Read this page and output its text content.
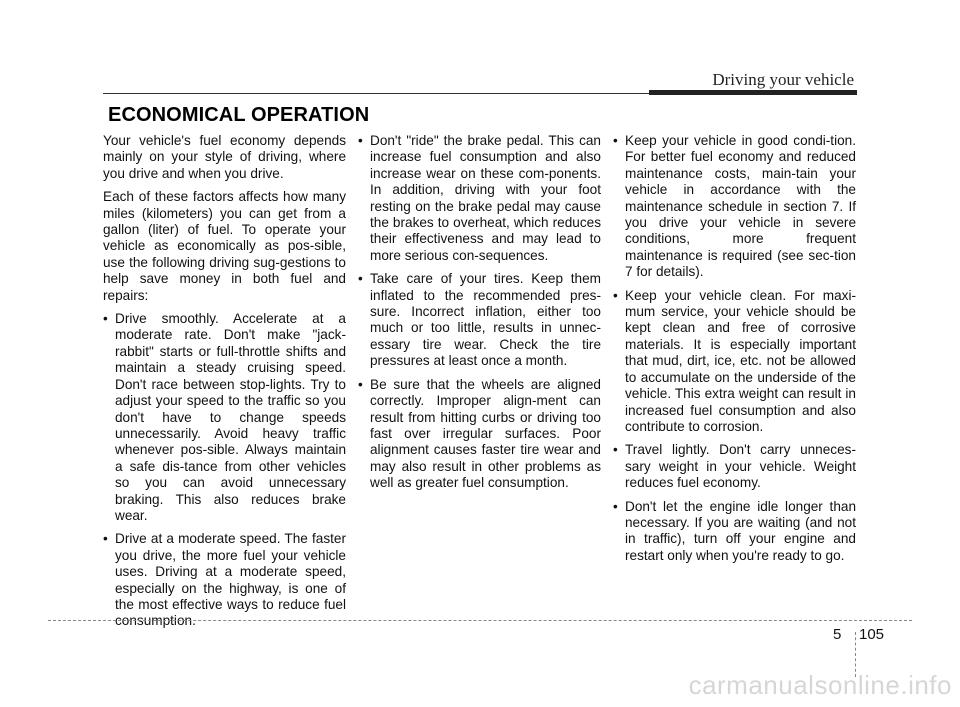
Driving your vehicle
ECONOMICAL OPERATION

Your vehicle's fuel economy depends mainly on your style of driving, where you drive and when you drive.

Each of these factors affects how many miles (kilometers) you can get from a gallon (liter) of fuel. To operate your vehicle as economically as pos-sible, use the following driving sug-gestions to help save money in both fuel and repairs:

• Drive smoothly. Accelerate at a moderate rate. Don't make "jack-rabbit" starts or full-throttle shifts and maintain a steady cruising speed. Don't race between stop-lights. Try to adjust your speed to the traffic so you don't have to change speeds unnecessarily. Avoid heavy traffic whenever pos-sible. Always maintain a safe dis-tance from other vehicles so you can avoid unnecessary braking. This also reduces brake wear.
• Drive at a moderate speed. The faster you drive, the more fuel your vehicle uses. Driving at a moderate speed, especially on the highway, is one of the most effective ways to reduce fuel consumption.
• Don't "ride" the brake pedal. This can increase fuel consumption and also increase wear on these com-ponents. In addition, driving with your foot resting on the brake pedal may cause the brakes to overheat, which reduces their effectiveness and may lead to more serious con-sequences.
• Take care of your tires. Keep them inflated to the recommended pres-sure. Incorrect inflation, either too much or too little, results in unnec-essary tire wear. Check the tire pressures at least once a month.
• Be sure that the wheels are aligned correctly. Improper align-ment can result from hitting curbs or driving too fast over irregular surfaces. Poor alignment causes faster tire wear and may also result in other problems as well as greater fuel consumption.
• Keep your vehicle in good condi-tion. For better fuel economy and reduced maintenance costs, main-tain your vehicle in accordance with the maintenance schedule in section 7. If you drive your vehicle in severe conditions, more frequent maintenance is required (see sec-tion 7 for details).
• Keep your vehicle clean. For maxi-mum service, your vehicle should be kept clean and free of corrosive materials. It is especially important that mud, dirt, ice, etc. not be allowed to accumulate on the underside of the vehicle. This extra weight can result in increased fuel consumption and also contribute to corrosion.
• Travel lightly. Don't carry unneces-sary weight in your vehicle. Weight reduces fuel economy.
• Don't let the engine idle longer than necessary. If you are waiting (and not in traffic), turn off your engine and restart only when you're ready to go.
5 105
carmanualsonline.info
